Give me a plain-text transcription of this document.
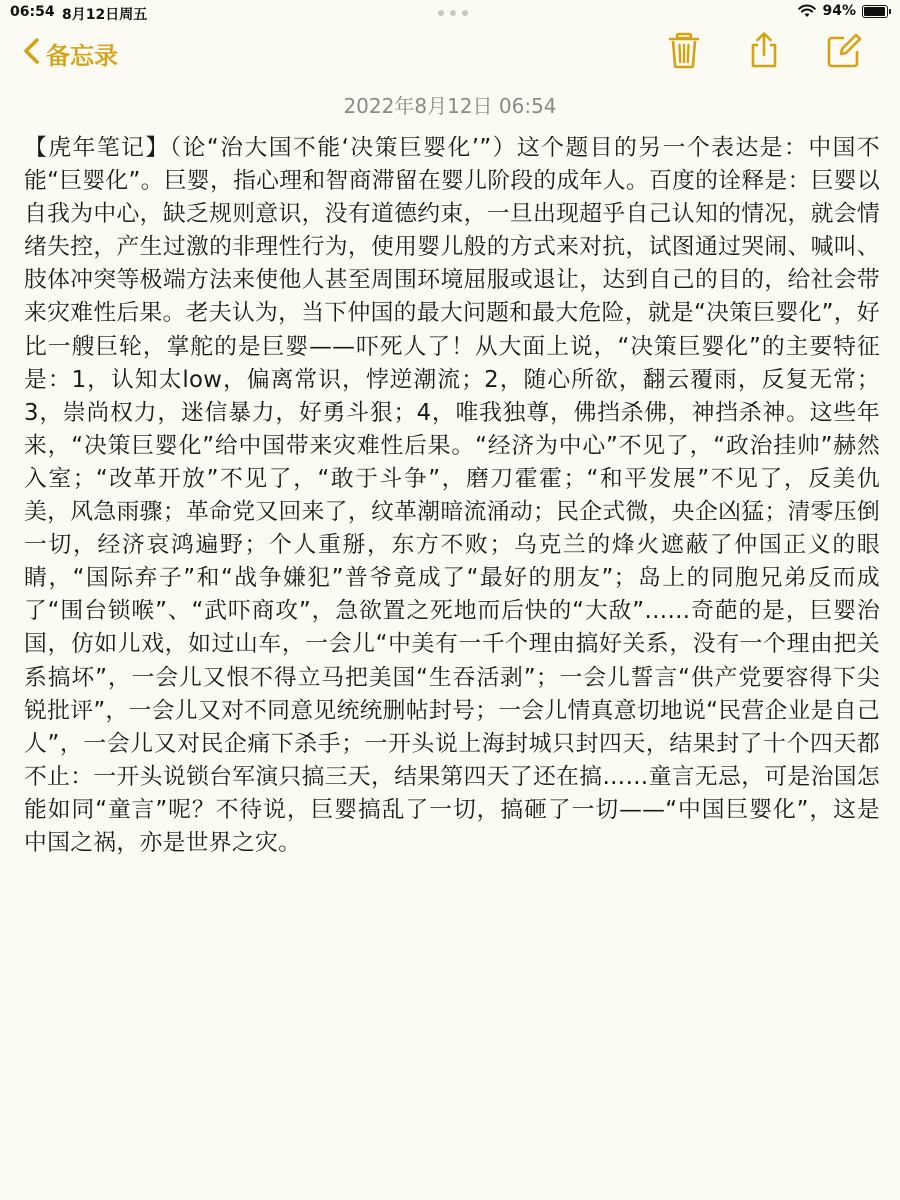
06:54 8月12日周五	94%
备忘录
2022年8月12日 06:54
【虎年笔记】（论“治大国不能‘决策巨婴化’”）这个题目的另一个表达是：中国不能“巨婴化”。巨婴，指心理和智商滞留在婴儿阶段的成年人。百度的诠释是：巨婴以自我为中心，缺乏规则意识，没有道德约束，一旦出现超乎自己认知的情况，就会情绪失控，产生过激的非理性行为，使用婴儿般的方式来对抗，试图通过哭闹、喊叫、肢体冲突等极端方法来使他人甚至周围环境屈服或退让，达到自己的目的，给社会带来灾难性后果。老夫认为，当下仲国的最大问题和最大危险，就是“决策巨婴化”，好比一艘巨轮，掌舵的是巨婴——吓死人了！从大面上说，“决策巨婴化”的主要特征是：1，认知太low，偏离常识，悖逆潮流；2，随心所欲，翻云覆雨，反复无常；3，崇尚权力，迷信暴力，好勇斗狠；4，唯我独尊，佛挡杀佛，神挡杀神。这些年来，“决策巨婴化”给中国带来灾难性后果。“经济为中心”不见了，“政治挂帅”赫然入室；“改革开放”不见了，“敢于斗争”，磨刀霍霍；“和平发展”不见了，反美仇美，风急雨骤；革命党又回来了，纹革潮暗流涌动；民企式微，央企凶猛；清零压倒一切，经济哀鸿遍野；个人重掰，东方不败；乌克兰的烽火遮蔽了仲国正义的眼睛，“国际弃子”和“战争嫌犯”普爷竟成了“最好的朋友”；岛上的同胞兄弟反而成了“围台锁喉”、“武吓商攻”，急欲置之死地而后快的“大敌”……奇葩的是，巨婴治国，仿如儿戏，如过山车，一会儿“中美有一千个理由搞好关系，没有一个理由把关系搞坏”，一会儿又恨不得立马把美国“生吞活剥”；一会儿誓言“供产党要容得下尖锐批评”，一会儿又对不同意见统统删帖封号；一会儿情真意切地说“民营企业是自己人”，一会儿又对民企痛下杀手；一开头说上海封城只封四天，结果封了十个四天都不止：一开头说锁台军演只搞三天，结果第四天了还在搞……童言无忌，可是治国怎能如同“童言”呢？不待说，巨婴搞乱了一切，搞砸了一切——“中国巨婴化”，这是中国之祸，亦是世界之灾。
